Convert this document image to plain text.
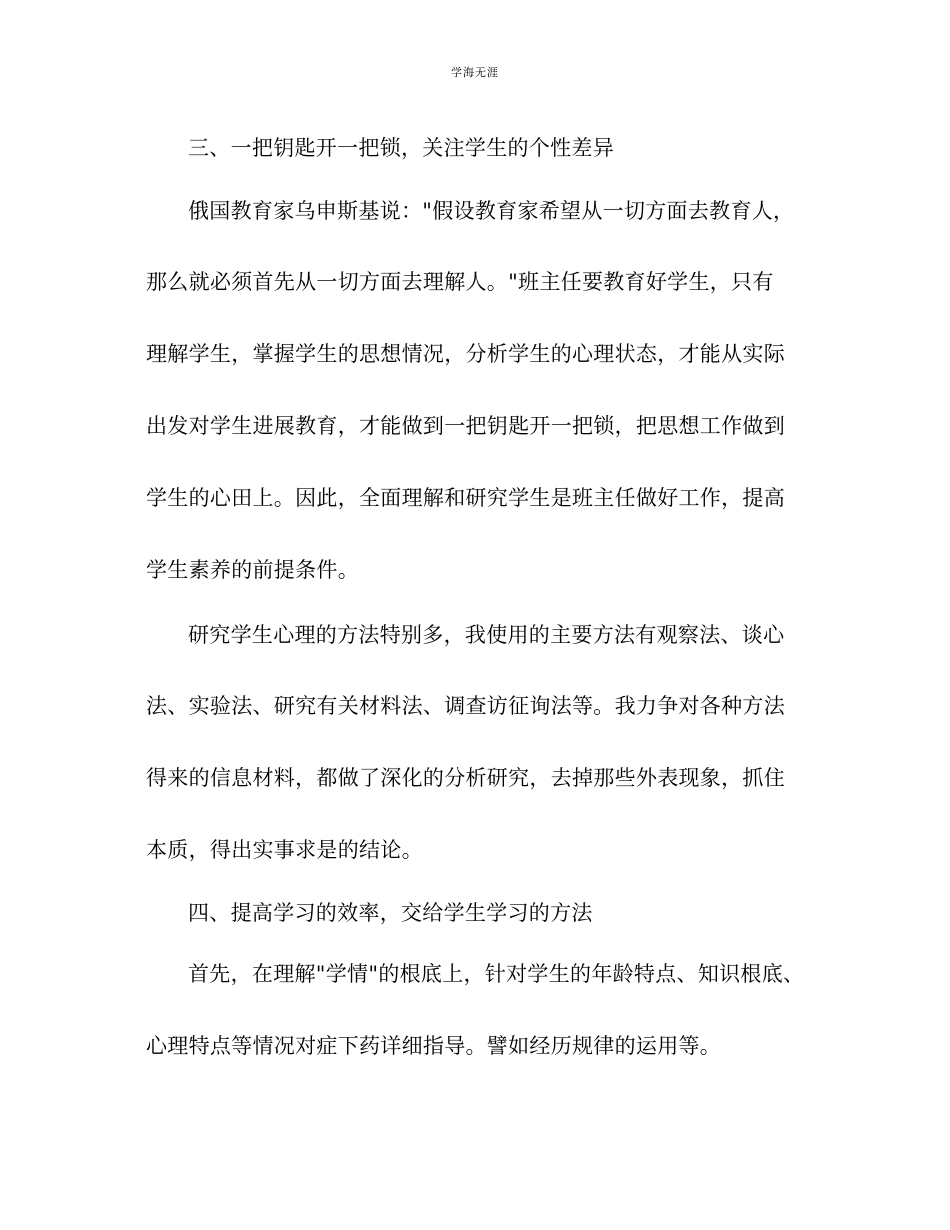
学海无涯
三、一把钥匙开一把锁，关注学生的个性差异
俄国教育家乌申斯基说："假设教育家希望从一切方面去教育人，
那么就必须首先从一切方面去理解人。"班主任要教育好学生，只有
理解学生，掌握学生的思想情况，分析学生的心理状态，才能从实际
出发对学生进展教育，才能做到一把钥匙开一把锁，把思想工作做到
学生的心田上。因此，全面理解和研究学生是班主任做好工作，提高
学生素养的前提条件。
研究学生心理的方法特别多，我使用的主要方法有观察法、谈心
法、实验法、研究有关材料法、调查访征询法等。我力争对各种方法
得来的信息材料，都做了深化的分析研究，去掉那些外表现象，抓住
本质，得出实事求是的结论。
四、提高学习的效率，交给学生学习的方法
首先，在理解"学情"的根底上，针对学生的年龄特点、知识根底、
心理特点等情况对症下药详细指导。譬如经历规律的运用等。
